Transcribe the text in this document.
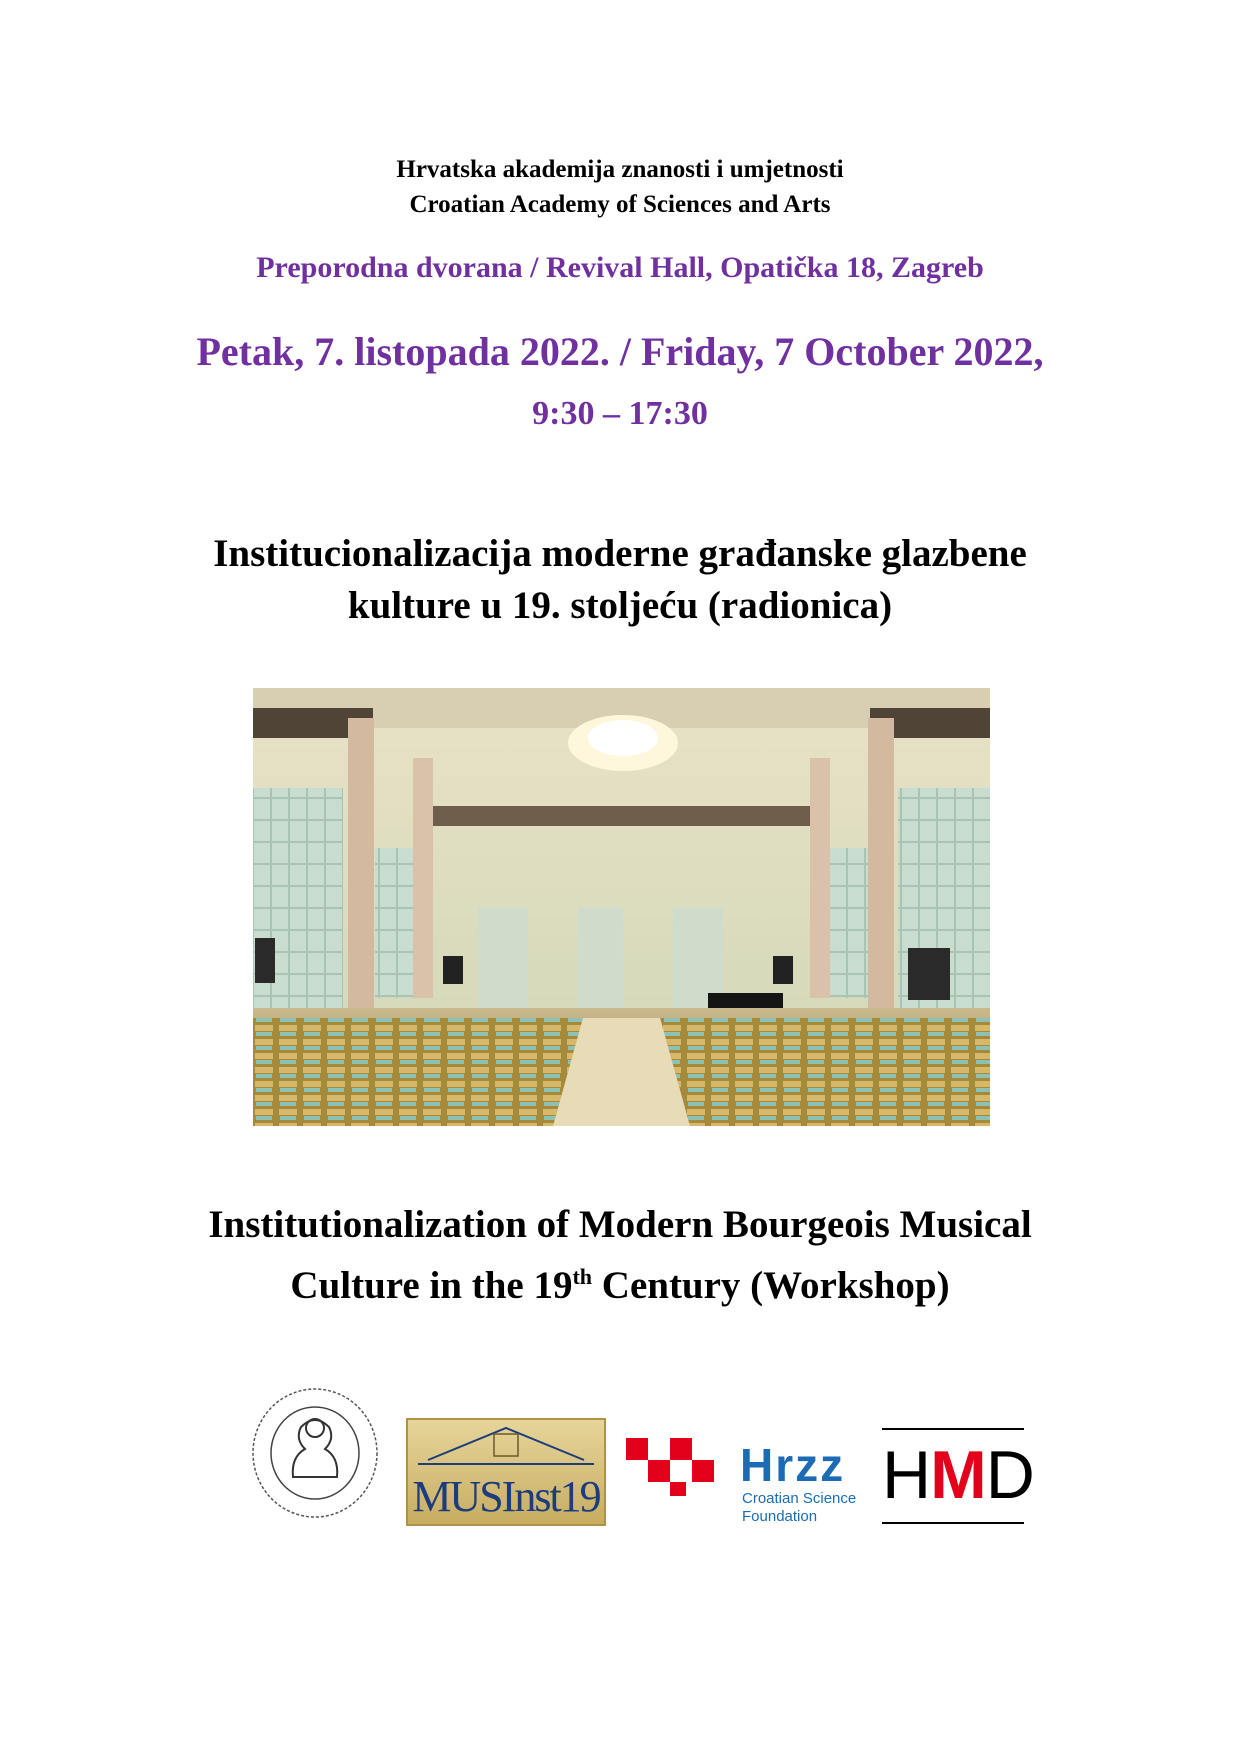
Hrvatska akademija znanosti i umjetnosti
Croatian Academy of Sciences and Arts
Preporodna dvorana / Revival Hall, Opatička 18, Zagreb
Petak, 7. listopada 2022. / Friday, 7 October 2022,
9:30 – 17:30
Institucionalizacija moderne građanske glazbene
kulture u 19. stoljeću (radionica)
Institutionalization of Modern Bourgeois Musical
Culture in the 19th Century (Workshop)
MUSInst19
Hrzz
Croatian Science
Foundation
HMD
